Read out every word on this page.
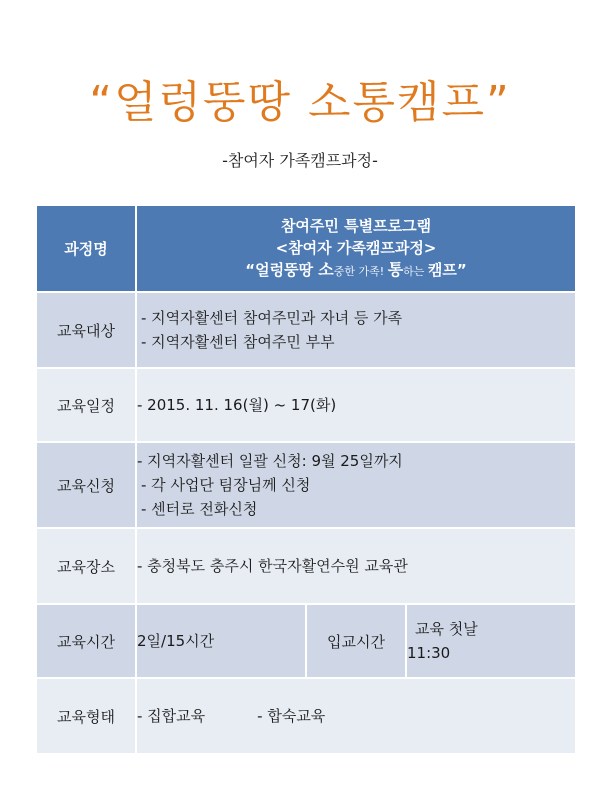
“얼렁뚱땅 소통캠프”
-참여자 가족캠프과정-
과정명	참여주민 특별프로그램
<참여자 가족캠프과정>
“얼렁뚱땅 소중한 가족! 통하는 캠프”		

교육대상	- 지역자활센터 참여주민과 자녀 등 가족
- 지역자활센터 참여주민 부부		

교육일정	- 2015. 11. 16(월) ~ 17(화)		

교육신청	- 지역자활센터 일괄 신청: 9월 25일까지
- 각 사업단 팀장님께 신청
- 센터로 전화신청		

교육장소	- 충청북도 충주시 한국자활연수원 교육관		

교육시간	2일/15시간	입교시간	교육 첫날
11:30

교육형태	- 집합교육 - 합숙교육		
